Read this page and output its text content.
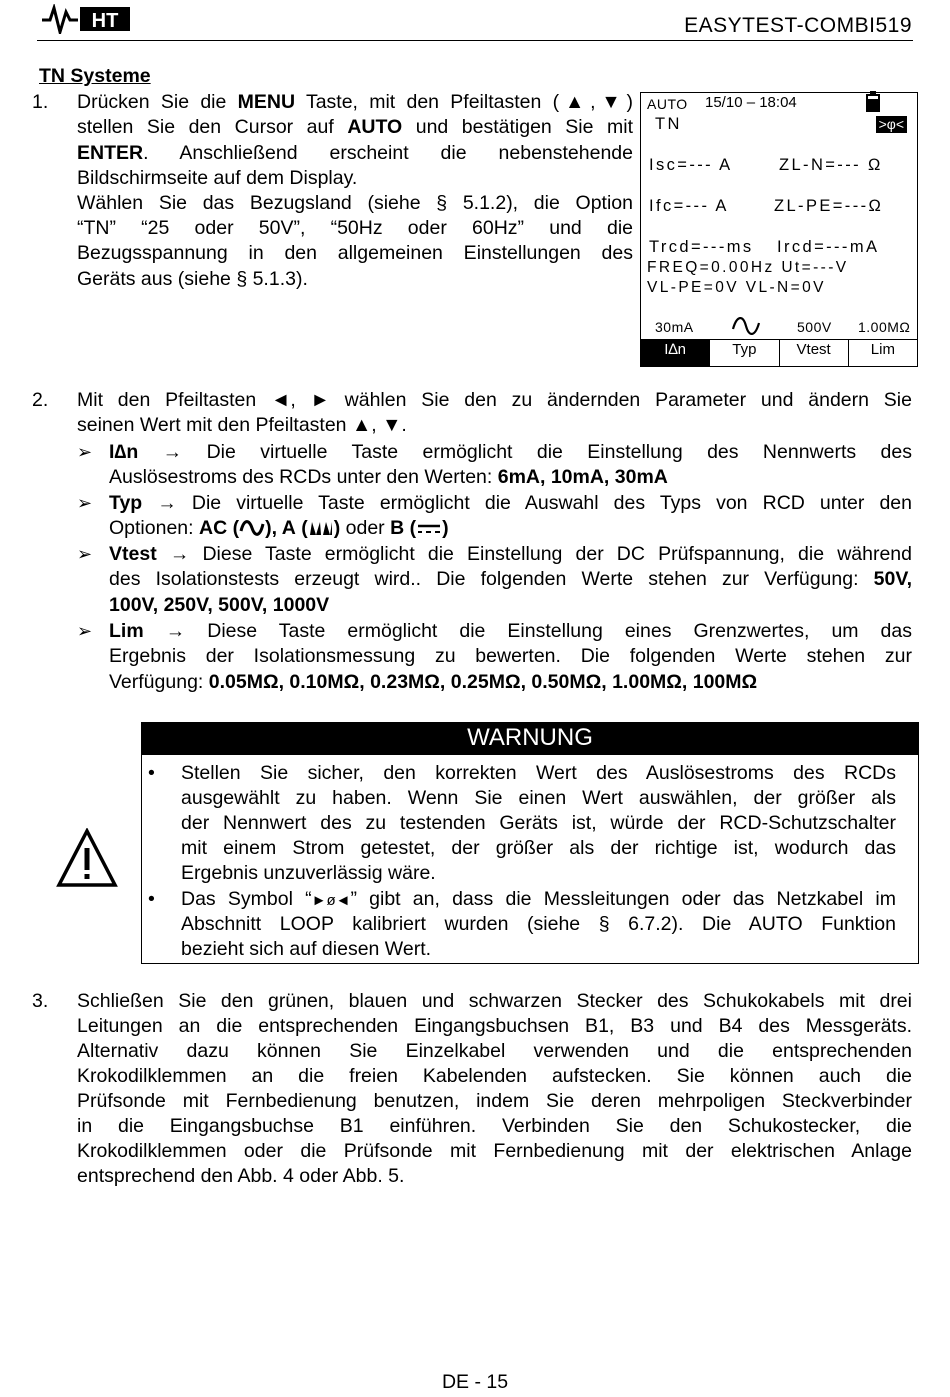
HT	EASYTEST-COMBI519
TN Systeme
1. Drücken Sie die MENU Taste, mit den Pfeiltasten (▲,▼)
stellen Sie den Cursor auf AUTO und bestätigen Sie mit
ENTER. Anschließend erscheint die nebenstehende
Bildschirmseite auf dem Display.
Wählen Sie das Bezugsland (siehe § 5.1.2), die Option
“TN” “25 oder 50V”, “50Hz oder 60Hz” und die
Bezugsspannung in den allgemeinen Einstellungen des
Geräts aus (siehe § 5.1.3).
AUTO 15/10 – 18:04
TN	>φ<
Isc=--- A	ZL-N=--- Ω
Ifc=--- A	ZL-PE=---Ω
Trcd=---ms Ircd=---mA
FREQ=0.00Hz Ut=---V
VL-PE=0V VL-N=0V
30mA	500V 1.00MΩ
I∆n	Typ	Vtest	Lim
2. Mit den Pfeiltasten ◄, ► wählen Sie den zu ändernden Parameter und ändern Sie
seinen Wert mit den Pfeiltasten ▲, ▼.
➢ I∆n → Die virtuelle Taste ermöglicht die Einstellung des Nennwerts des
Auslösestroms des RCDs unter den Werten: 6mA, 10mA, 30mA
➢ Typ → Die virtuelle Taste ermöglicht die Auswahl des Typs von RCD unter den
Optionen: AC ( ), A ( ) oder B ( )
➢ Vtest → Diese Taste ermöglicht die Einstellung der DC Prüfspannung, die während
des Isolationstests erzeugt wird.. Die folgenden Werte stehen zur Verfügung: 50V,
100V, 250V, 500V, 1000V
➢ Lim → Diese Taste ermöglicht die Einstellung eines Grenzwertes, um das
Ergebnis der Isolationsmessung zu bewerten. Die folgenden Werte stehen zur
Verfügung: 0.05MΩ, 0.10MΩ, 0.23MΩ, 0.25MΩ, 0.50MΩ, 1.00MΩ, 100MΩ
WARNUNG
• Stellen Sie sicher, den korrekten Wert des Auslösestroms des RCDs
ausgewählt zu haben. Wenn Sie einen Wert auswählen, der größer als
der Nennwert des zu testenden Geräts ist, würde der RCD-Schutzschalter
mit einem Strom getestet, der größer als der richtige ist, wodurch das
Ergebnis unzuverlässig wäre.
• Das Symbol “►ø◄” gibt an, dass die Messleitungen oder das Netzkabel im
Abschnitt LOOP kalibriert wurden (siehe § 6.7.2). Die AUTO Funktion
bezieht sich auf diesen Wert.
3. Schließen Sie den grünen, blauen und schwarzen Stecker des Schukokabels mit drei
Leitungen an die entsprechenden Eingangsbuchsen B1, B3 und B4 des Messgeräts.
Alternativ dazu können Sie Einzelkabel verwenden und die entsprechenden
Krokodilklemmen an die freien Kabelenden aufstecken. Sie können auch die
Prüfsonde mit Fernbedienung benutzen, indem Sie deren mehrpoligen Steckverbinder
in die Eingangsbuchse B1 einführen. Verbinden Sie den Schukostecker, die
Krokodilklemmen oder die Prüfsonde mit Fernbedienung mit der elektrischen Anlage
entsprechend den Abb. 4 oder Abb. 5.
DE - 15
